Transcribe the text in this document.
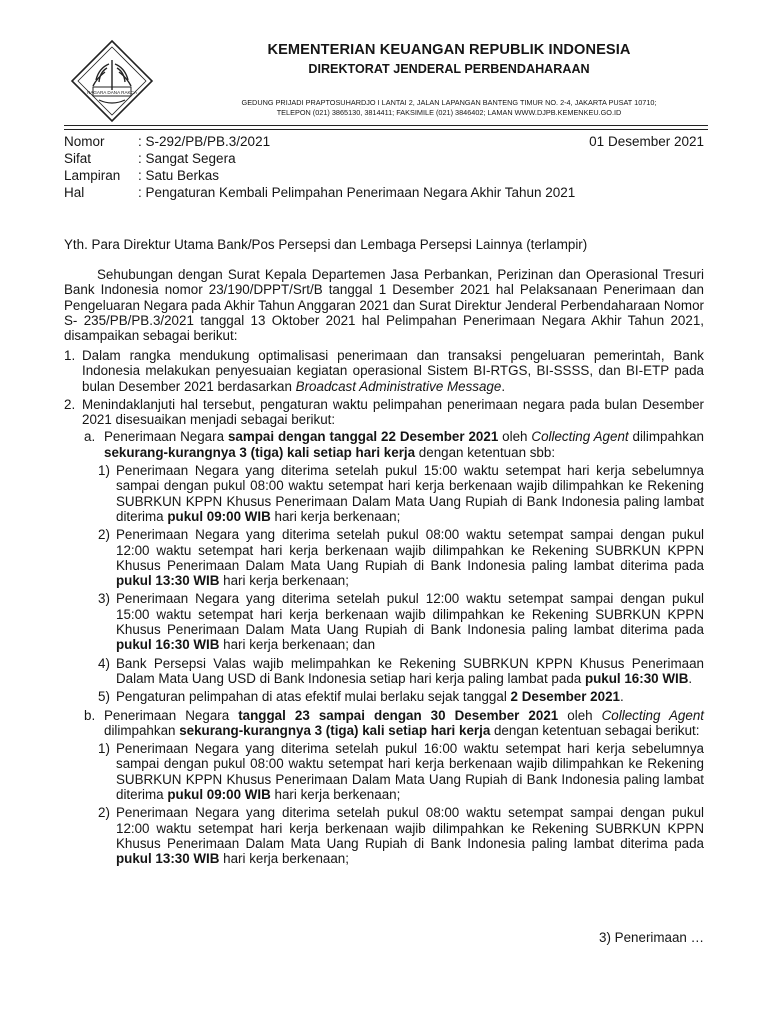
NAGARA DANA RAKCA
KEMENTERIAN KEUANGAN REPUBLIK INDONESIA
DIREKTORAT JENDERAL PERBENDAHARAAN
GEDUNG PRIJADI PRAPTOSUHARDJO I LANTAI 2, JALAN LAPANGAN BANTENG TIMUR NO. 2-4, JAKARTA PUSAT 10710;
TELEPON (021) 3865130, 3814411; FAKSIMILE (021) 3846402; LAMAN WWW.DJPB.KEMENKEU.GO.ID
01 Desember 2021
Nomor	: S-292/PB/PB.3/2021
Sifat	: Sangat Segera
Lampiran	: Satu Berkas
Hal	: Pengaturan Kembali Pelimpahan Penerimaan Negara Akhir Tahun 2021
Yth. Para Direktur Utama Bank/Pos Persepsi dan Lembaga Persepsi Lainnya (terlampir)
Sehubungan dengan Surat Kepala Departemen Jasa Perbankan, Perizinan dan Operasional Tresuri Bank Indonesia nomor 23/190/DPPT/Srt/B tanggal 1 Desember 2021 hal Pelaksanaan Penerimaan dan Pengeluaran Negara pada Akhir Tahun Anggaran 2021 dan Surat Direktur Jenderal Perbendaharaan Nomor S- 235/PB/PB.3/2021 tanggal 13 Oktober 2021 hal Pelimpahan Penerimaan Negara Akhir Tahun 2021, disampaikan sebagai berikut:
1. Dalam rangka mendukung optimalisasi penerimaan dan transaksi pengeluaran pemerintah, Bank Indonesia melakukan penyesuaian kegiatan operasional Sistem BI-RTGS, BI-SSSS, dan BI-ETP pada bulan Desember 2021 berdasarkan Broadcast Administrative Message.
2. Menindaklanjuti hal tersebut, pengaturan waktu pelimpahan penerimaan negara pada bulan Desember 2021 disesuaikan menjadi sebagai berikut:
a. Penerimaan Negara sampai dengan tanggal 22 Desember 2021 oleh Collecting Agent dilimpahkan sekurang-kurangnya 3 (tiga) kali setiap hari kerja dengan ketentuan sbb:
1) Penerimaan Negara yang diterima setelah pukul 15:00 waktu setempat hari kerja sebelumnya sampai dengan pukul 08:00 waktu setempat hari kerja berkenaan wajib dilimpahkan ke Rekening SUBRKUN KPPN Khusus Penerimaan Dalam Mata Uang Rupiah di Bank Indonesia paling lambat diterima pukul 09:00 WIB hari kerja berkenaan;
2) Penerimaan Negara yang diterima setelah pukul 08:00 waktu setempat sampai dengan pukul 12:00 waktu setempat hari kerja berkenaan wajib dilimpahkan ke Rekening SUBRKUN KPPN Khusus Penerimaan Dalam Mata Uang Rupiah di Bank Indonesia paling lambat diterima pada pukul 13:30 WIB hari kerja berkenaan;
3) Penerimaan Negara yang diterima setelah pukul 12:00 waktu setempat sampai dengan pukul 15:00 waktu setempat hari kerja berkenaan wajib dilimpahkan ke Rekening SUBRKUN KPPN Khusus Penerimaan Dalam Mata Uang Rupiah di Bank Indonesia paling lambat diterima pada pukul 16:30 WIB hari kerja berkenaan; dan
4) Bank Persepsi Valas wajib melimpahkan ke Rekening SUBRKUN KPPN Khusus Penerimaan Dalam Mata Uang USD di Bank Indonesia setiap hari kerja paling lambat pada pukul 16:30 WIB.
5) Pengaturan pelimpahan di atas efektif mulai berlaku sejak tanggal 2 Desember 2021.
b. Penerimaan Negara tanggal 23 sampai dengan 30 Desember 2021 oleh Collecting Agent dilimpahkan sekurang-kurangnya 3 (tiga) kali setiap hari kerja dengan ketentuan sebagai berikut:
1) Penerimaan Negara yang diterima setelah pukul 16:00 waktu setempat hari kerja sebelumnya sampai dengan pukul 08:00 waktu setempat hari kerja berkenaan wajib dilimpahkan ke Rekening SUBRKUN KPPN Khusus Penerimaan Dalam Mata Uang Rupiah di Bank Indonesia paling lambat diterima pukul 09:00 WIB hari kerja berkenaan;
2) Penerimaan Negara yang diterima setelah pukul 08:00 waktu setempat sampai dengan pukul 12:00 waktu setempat hari kerja berkenaan wajib dilimpahkan ke Rekening SUBRKUN KPPN Khusus Penerimaan Dalam Mata Uang Rupiah di Bank Indonesia paling lambat diterima pada pukul 13:30 WIB hari kerja berkenaan;
3) Penerimaan …
